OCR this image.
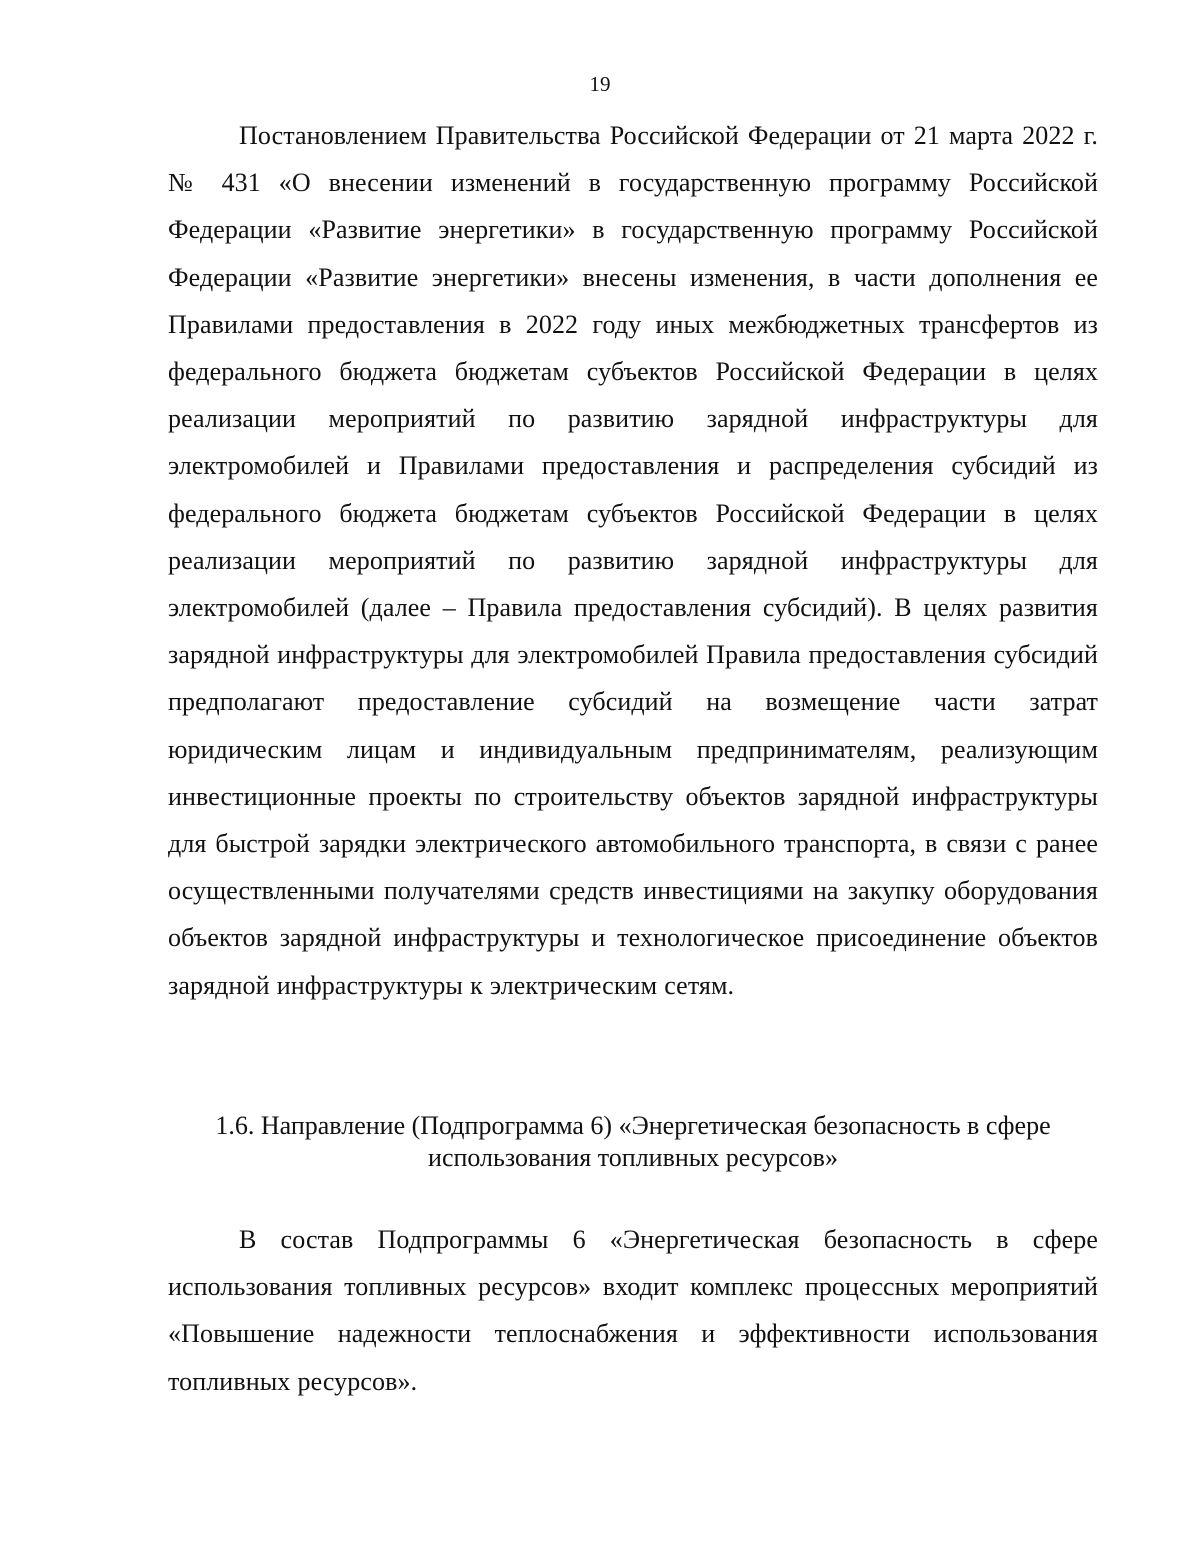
19

Постановлением Правительства Российской Федерации от 21 марта 2022 г. № 431 «О внесении изменений в государственную программу Российской Федерации «Развитие энергетики» в государственную программу Российской Федерации «Развитие энергетики» внесены изменения, в части дополнения ее Правилами предоставления в 2022 году иных межбюджетных трансфертов из федерального бюджета бюджетам субъектов Российской Федерации в целях реализации мероприятий по развитию зарядной инфраструктуры для электромобилей и Правилами предоставления и распределения субсидий из федерального бюджета бюджетам субъектов Российской Федерации в целях реализации мероприятий по развитию зарядной инфраструктуры для электромобилей (далее – Правила предоставления субсидий). В целях развития зарядной инфраструктуры для электромобилей Правила предоставления субсидий предполагают предоставление субсидий на возмещение части затрат юридическим лицам и индивидуальным предпринимателям, реализующим инвестиционные проекты по строительству объектов зарядной инфраструктуры для быстрой зарядки электрического автомобильного транспорта, в связи с ранее осуществленными получателями средств инвестициями на закупку оборудования объектов зарядной инфраструктуры и технологическое присоединение объектов зарядной инфраструктуры к электрическим сетям.

1.6. Направление (Подпрограмма 6) «Энергетическая безопасность в сфере
использования топливных ресурсов»

В состав Подпрограммы 6 «Энергетическая безопасность в сфере использования топливных ресурсов» входит комплекс процессных мероприятий «Повышение надежности теплоснабжения и эффективности использования топливных ресурсов».
